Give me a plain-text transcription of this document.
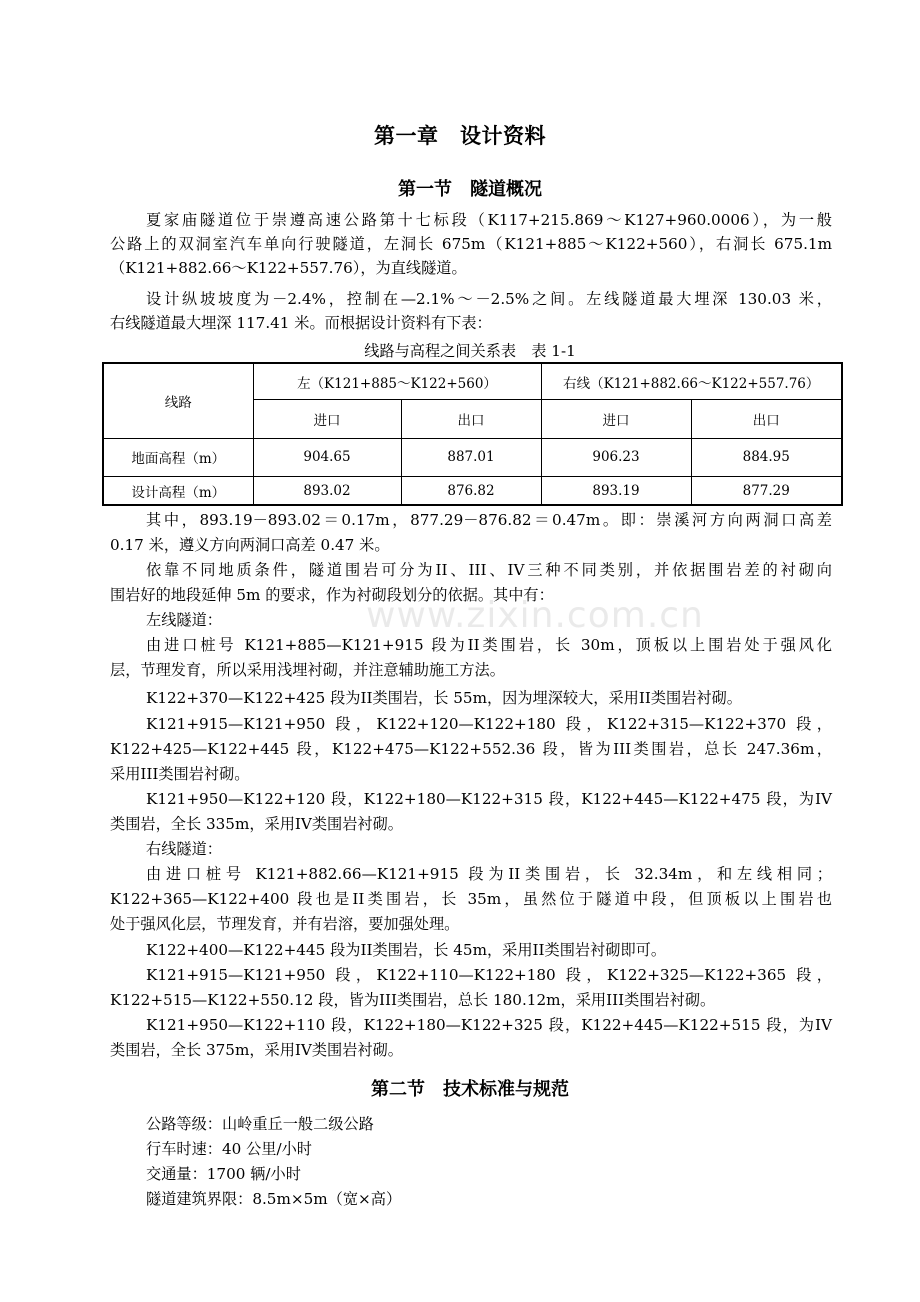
第一章　设计资料
第一节　隧道概况
夏家庙隧道位于崇遵高速公路第十七标段（K117+215.869～K127+960.0006），为一般
公路上的双洞室汽车单向行驶隧道，左洞长 675m（K121+885～K122+560），右洞长 675.1m
（K121+882.66～K122+557.76），为直线隧道。
设计纵坡坡度为－2.4%，控制在—2.1%～－2.5%之间。左线隧道最大埋深 130.03 米，
右线隧道最大埋深 117.41 米。而根据设计资料有下表：
线路与高程之间关系表　表 1-1
线路	左（K121+885～K122+560）		右线（K121+882.66～K122+557.76）	
	进口	出口	进口	出口
地面高程（m）	904.65	887.01	906.23	884.95
设计高程（m）	893.02	876.82	893.19	877.29
其中，893.19－893.02＝0.17m，877.29－876.82＝0.47m。即：崇溪河方向两洞口高差
0.17 米，遵义方向两洞口高差 0.47 米。
依靠不同地质条件，隧道围岩可分为II、III、IV三种不同类别，并依据围岩差的衬砌向
围岩好的地段延伸 5m 的要求，作为衬砌段划分的依据。其中有：
www.zixin.com.cn
左线隧道：
由进口桩号 K121+885—K121+915 段为II类围岩，长 30m，顶板以上围岩处于强风化
层，节理发育，所以采用浅埋衬砌，并注意辅助施工方法。
K122+370—K122+425 段为II类围岩，长 55m，因为埋深较大，采用II类围岩衬砌。
K121+915—K121+950 段，K122+120—K122+180 段，K122+315—K122+370 段，
K122+425—K122+445 段，K122+475—K122+552.36 段，皆为III类围岩，总长 247.36m，
采用III类围岩衬砌。
K121+950—K122+120 段，K122+180—K122+315 段，K122+445—K122+475 段，为IV
类围岩，全长 335m，采用IV类围岩衬砌。
右线隧道：
由进口桩号 K121+882.66—K121+915 段为II类围岩，长 32.34m，和左线相同；
K122+365—K122+400 段也是II类围岩，长 35m，虽然位于隧道中段，但顶板以上围岩也
处于强风化层，节理发育，并有岩溶，要加强处理。
K122+400—K122+445 段为II类围岩，长 45m，采用II类围岩衬砌即可。
K121+915—K121+950 段，K122+110—K122+180 段，K122+325—K122+365 段，
K122+515—K122+550.12 段，皆为III类围岩，总长 180.12m，采用III类围岩衬砌。
K121+950—K122+110 段，K122+180—K122+325 段，K122+445—K122+515 段，为IV
类围岩，全长 375m，采用IV类围岩衬砌。
第二节　技术标准与规范
公路等级：山岭重丘一般二级公路
行车时速：40 公里/小时
交通量：1700 辆/小时
隧道建筑界限：8.5m×5m（宽×高）
